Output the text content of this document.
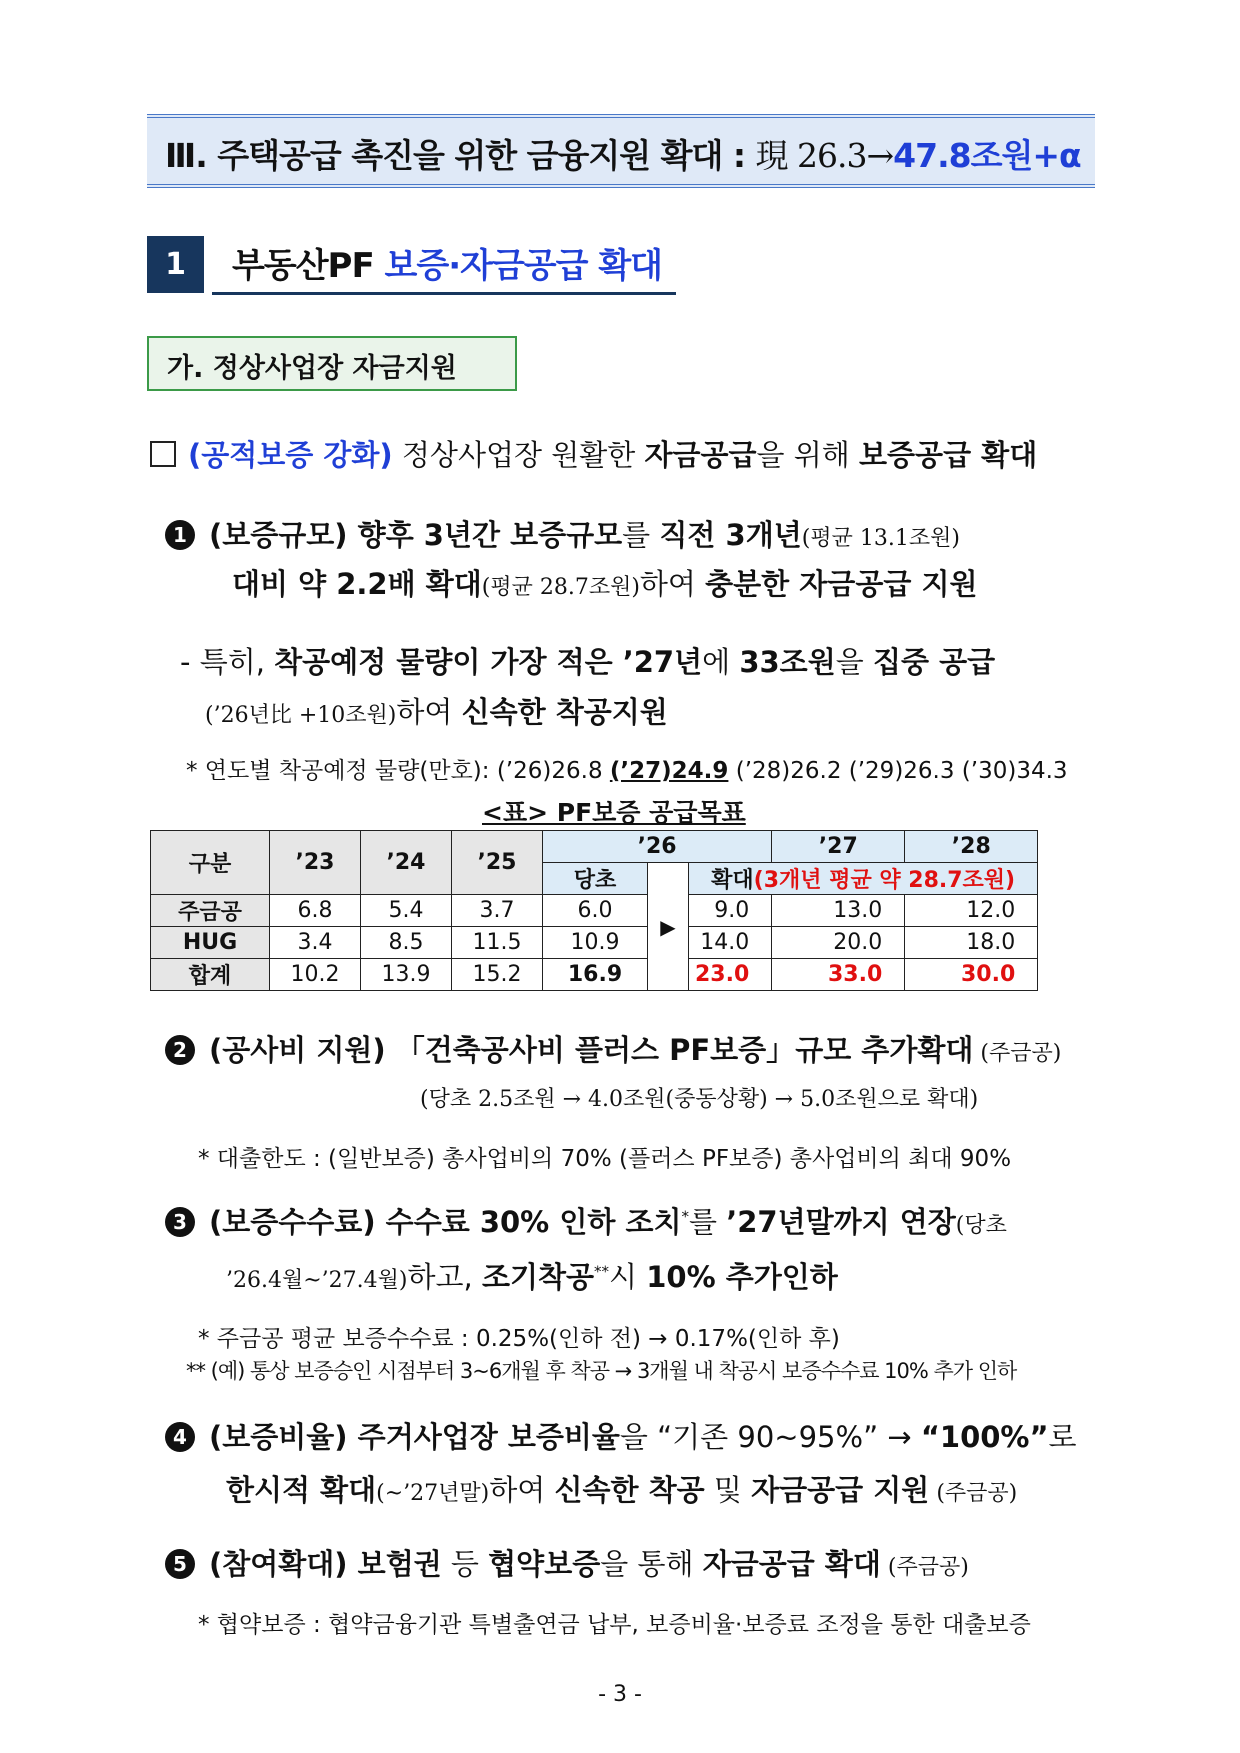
Ⅲ. 주택공급 촉진을 위한 금융지원 확대 : 現 26.3→47.8조원+α
1	부동산PF 보증·자금공급 확대
가. 정상사업장 자금지원
(공적보증 강화) 정상사업장 원활한 자금공급을 위해 보증공급 확대
1 (보증규모) 향후 3년간 보증규모를 직전 3개년(평균 13.1조원)
대비 약 2.2배 확대(평균 28.7조원)하여 충분한 자금공급 지원
- 특히, 착공예정 물량이 가장 적은 ’27년에 33조원을 집중 공급
(’26년比 +10조원)하여 신속한 착공지원
* 연도별 착공예정 물량(만호): (’26)26.8 (’27)24.9 (’28)26.2 (’29)26.3 (’30)34.3
<표> PF보증 공급목표
구분	’23	’24	’25	’26			’27	’28
				당초	▶	확대(3개년 평균 약 28.7조원)		
주금공	6.8	5.4	3.7	6.0		9.0	13.0	12.0
HUG	3.4	8.5	11.5	10.9		14.0	20.0	18.0
합계	10.2	13.9	15.2	16.9		23.0	33.0	30.0
2 (공사비 지원) 「건축공사비 플러스 PF보증」규모 추가확대 (주금공)
(당초 2.5조원 → 4.0조원(중동상황) → 5.0조원으로 확대)
* 대출한도 : (일반보증) 총사업비의 70% (플러스 PF보증) 총사업비의 최대 90%
3 (보증수수료) 수수료 30% 인하 조치*를 ’27년말까지 연장(당초
’26.4월~’27.4월)하고, 조기착공**시 10% 추가인하
* 주금공 평균 보증수수료 : 0.25%(인하 전) → 0.17%(인하 후)
** (예) 통상 보증승인 시점부터 3~6개월 후 착공 → 3개월 내 착공시 보증수수료 10% 추가 인하
4 (보증비율) 주거사업장 보증비율을 “기존 90~95%” → “100%”로
한시적 확대(~’27년말)하여 신속한 착공 및 자금공급 지원 (주금공)
5 (참여확대) 보험권 등 협약보증을 통해 자금공급 확대 (주금공)
* 협약보증 : 협약금융기관 특별출연금 납부, 보증비율·보증료 조정을 통한 대출보증
- 3 -
